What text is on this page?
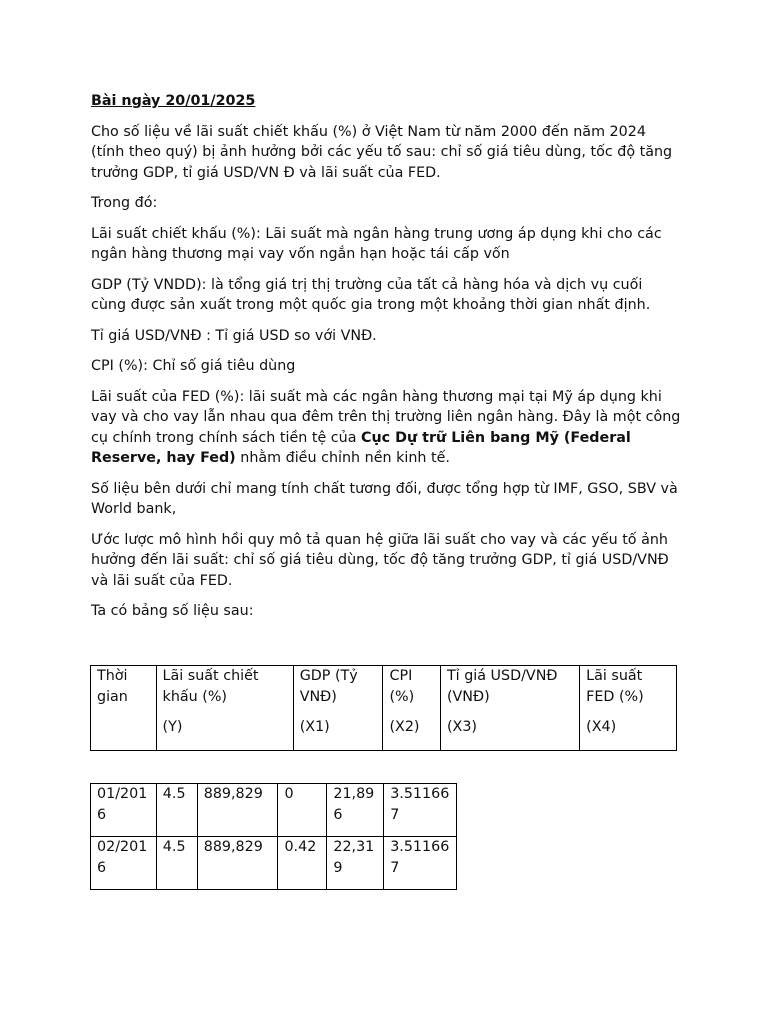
Bài ngày 20/01/2025

Cho số liệu về lãi suất chiết khấu (%) ở Việt Nam từ năm 2000 đến năm 2024 (tính theo quý) bị ảnh hưởng bởi các yếu tố sau: chỉ số giá tiêu dùng, tốc độ tăng trưởng GDP, tỉ giá USD/VN Đ và lãi suất của FED.

Trong đó:

Lãi suất chiết khấu (%): Lãi suất mà ngân hàng trung ương áp dụng khi cho các ngân hàng thương mại vay vốn ngắn hạn hoặc tái cấp vốn

GDP (Tỷ VNDD): là tổng giá trị thị trường của tất cả hàng hóa và dịch vụ cuối cùng được sản xuất trong một quốc gia trong một khoảng thời gian nhất định.

Tỉ giá USD/VNĐ : Tỉ giá USD so với VNĐ.

CPI (%): Chỉ số giá tiêu dùng

Lãi suất của FED (%): lãi suất mà các ngân hàng thương mại tại Mỹ áp dụng khi vay và cho vay lẫn nhau qua đêm trên thị trường liên ngân hàng. Đây là một công cụ chính trong chính sách tiền tệ của Cục Dự trữ Liên bang Mỹ (Federal Reserve, hay Fed) nhằm điều chỉnh nền kinh tế.

Số liệu bên dưới chỉ mang tính chất tương đối, được tổng hợp từ IMF, GSO, SBV và World bank,

Ước lược mô hình hồi quy mô tả quan hệ giữa lãi suất cho vay và các yếu tố ảnh hưởng đến lãi suất: chỉ số giá tiêu dùng, tốc độ tăng trưởng GDP, tỉ giá USD/VNĐ và lãi suất của FED.

Ta có bảng số liệu sau:

Thời gian	Lãi suất chiết khấu (%)
(Y)
	GDP (Tỷ VNĐ)
(X1)
	CPI (%)
(X2)
	Tỉ giá USD/VNĐ (VNĐ)
(X3)
	Lãi suất FED (%)
(X4)
01/2016	4.5	889,829	0	21,896	3.511667
02/2016	4.5	889,829	0.42	22,319	3.511667
